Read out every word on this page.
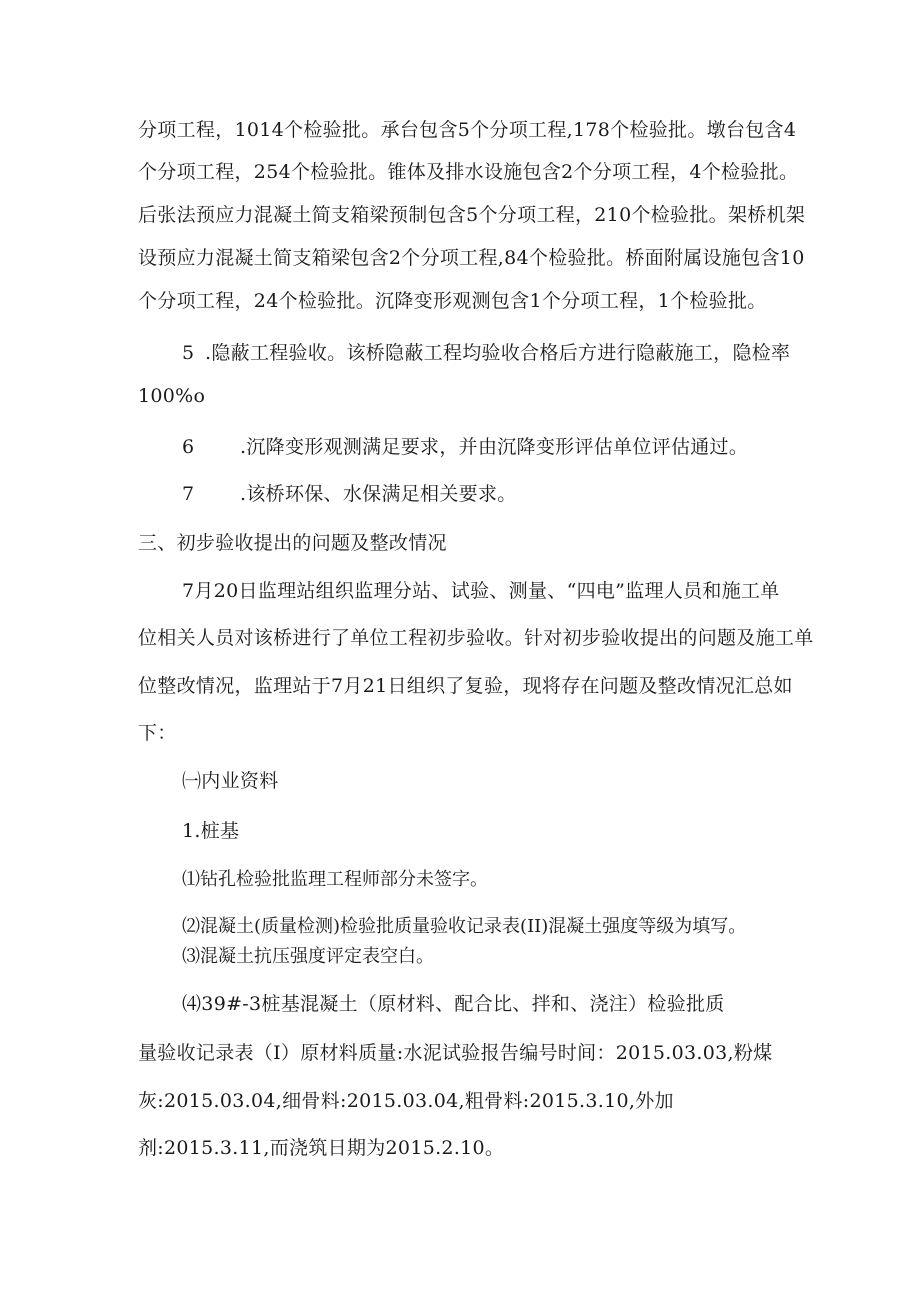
分项工程，1014个检验批。承台包含5个分项工程,178个检验批。墩台包含4
个分项工程，254个检验批。锥体及排水设施包含2个分项工程，4个检验批。
后张法预应力混凝土简支箱梁预制包含5个分项工程，210个检验批。架桥机架
设预应力混凝土简支箱梁包含2个分项工程,84个检验批。桥面附属设施包含10
个分项工程，24个检验批。沉降变形观测包含1个分项工程，1个检验批。
5 .隐蔽工程验收。该桥隐蔽工程均验收合格后方进行隐蔽施工，隐检率
100%o
6 .沉降变形观测满足要求，并由沉降变形评估单位评估通过。
7 .该桥环保、水保满足相关要求。
三、初步验收提出的问题及整改情况
7月20日监理站组织监理分站、试验、测量、“四电”监理人员和施工单
位相关人员对该桥进行了单位工程初步验收。针对初步验收提出的问题及施工单
位整改情况，监理站于7月21日组织了复验，现将存在问题及整改情况汇总如
下：
㈠内业资料
1.桩基
⑴钻孔检验批监理工程师部分未签字。
⑵混凝土(质量检测)检验批质量验收记录表(II)混凝土强度等级为填写。
⑶混凝土抗压强度评定表空白。
⑷39#-3桩基混凝土（原材料、配合比、拌和、浇注）检验批质
量验收记录表（I）原材料质量:水泥试验报告编号时间：2015.03.03,粉煤
灰:2015.03.04,细骨料:2015.03.04,粗骨料:2015.3.10,外加
剂:2015.3.11,而浇筑日期为2015.2.10。
